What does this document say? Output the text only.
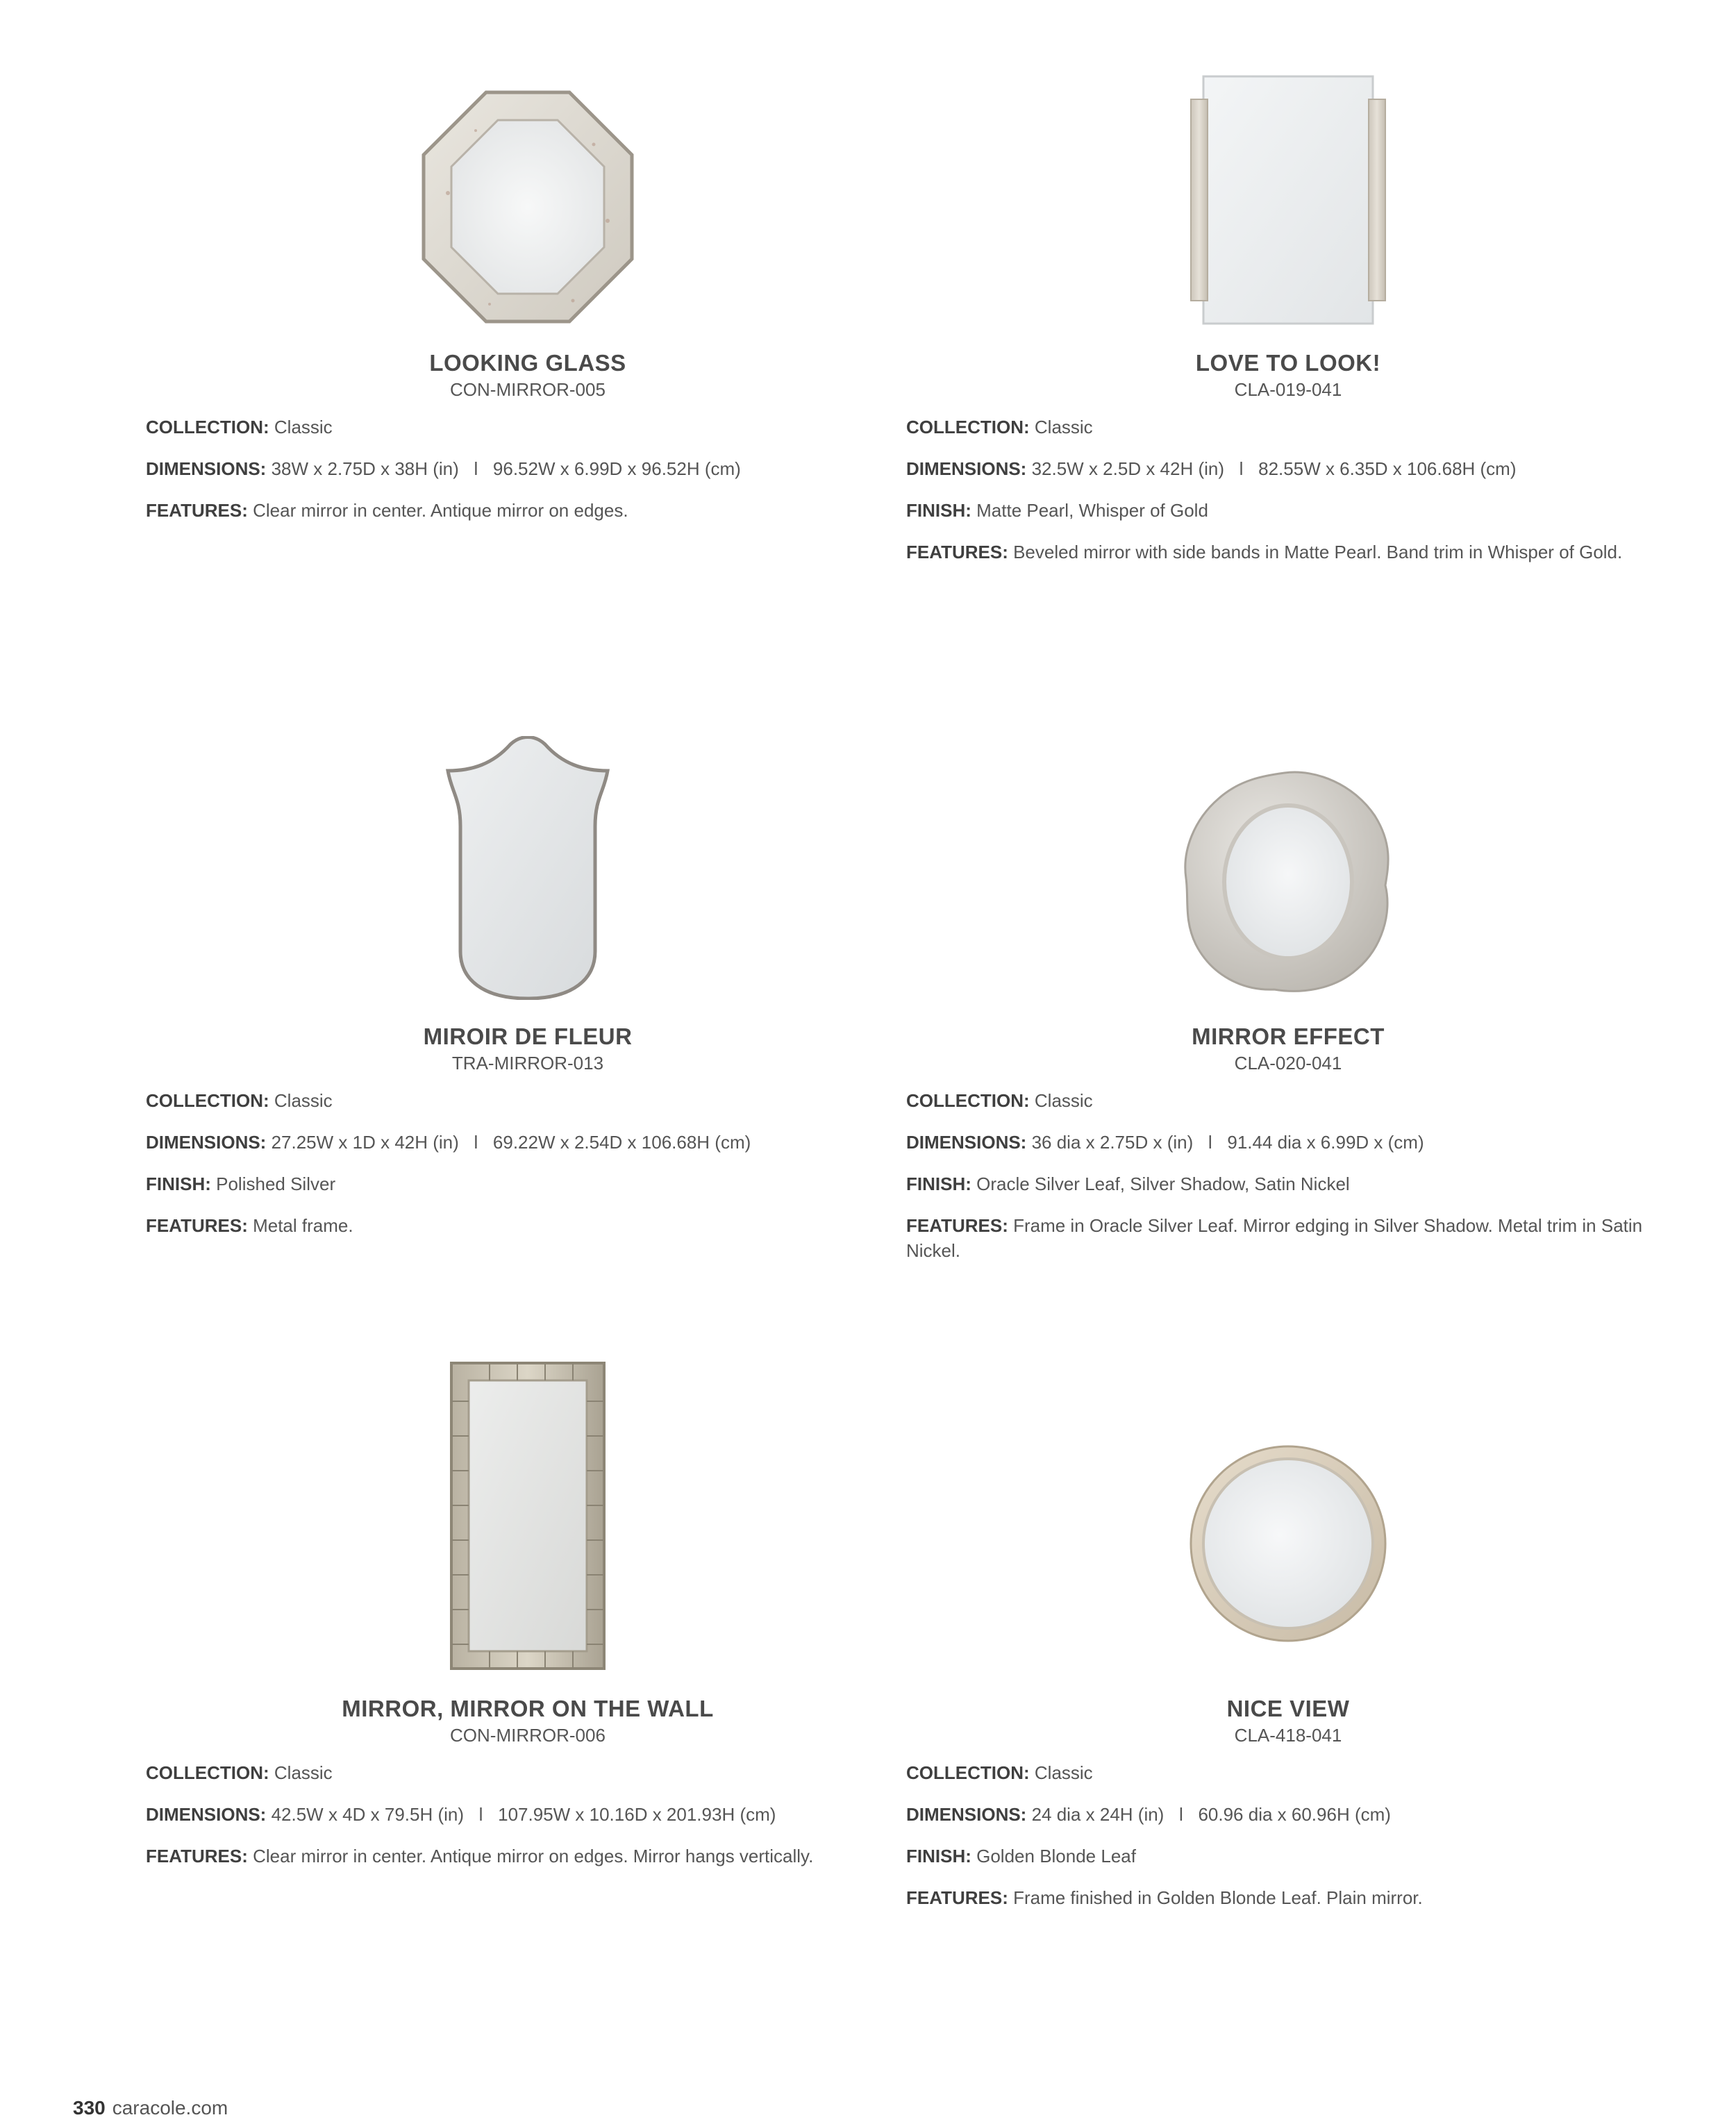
LOOKING GLASS
CON-MIRROR-005
COLLECTION: Classic
DIMENSIONS: 38W x 2.75D x 38H (in)   l   96.52W x 6.99D x 96.52H (cm)
FEATURES: Clear mirror in center. Antique mirror on edges.
LOVE TO LOOK!
CLA-019-041
COLLECTION: Classic
DIMENSIONS: 32.5W x 2.5D x 42H (in)   l   82.55W x 6.35D x 106.68H (cm)
FINISH: Matte Pearl, Whisper of Gold
FEATURES: Beveled mirror with side bands in Matte Pearl. Band trim in Whisper of Gold.
MIROIR DE FLEUR
TRA-MIRROR-013
COLLECTION: Classic
DIMENSIONS: 27.25W x 1D x 42H (in)   l   69.22W x 2.54D x 106.68H (cm)
FINISH: Polished Silver
FEATURES: Metal frame.
MIRROR EFFECT
CLA-020-041
COLLECTION: Classic
DIMENSIONS: 36 dia x 2.75D x (in)   l   91.44 dia x 6.99D x (cm)
FINISH: Oracle Silver Leaf, Silver Shadow, Satin Nickel
FEATURES: Frame in Oracle Silver Leaf. Mirror edging in Silver Shadow. Metal trim in Satin Nickel.
MIRROR, MIRROR ON THE WALL
CON-MIRROR-006
COLLECTION: Classic
DIMENSIONS: 42.5W x 4D x 79.5H (in)   l   107.95W x 10.16D x 201.93H (cm)
FEATURES: Clear mirror in center. Antique mirror on edges. Mirror hangs vertically.
NICE VIEW
CLA-418-041
COLLECTION: Classic
DIMENSIONS: 24 dia x 24H (in)   l   60.96 dia x 60.96H (cm)
FINISH: Golden Blonde Leaf
FEATURES: Frame finished in Golden Blonde Leaf. Plain mirror.
330 caracole.com
